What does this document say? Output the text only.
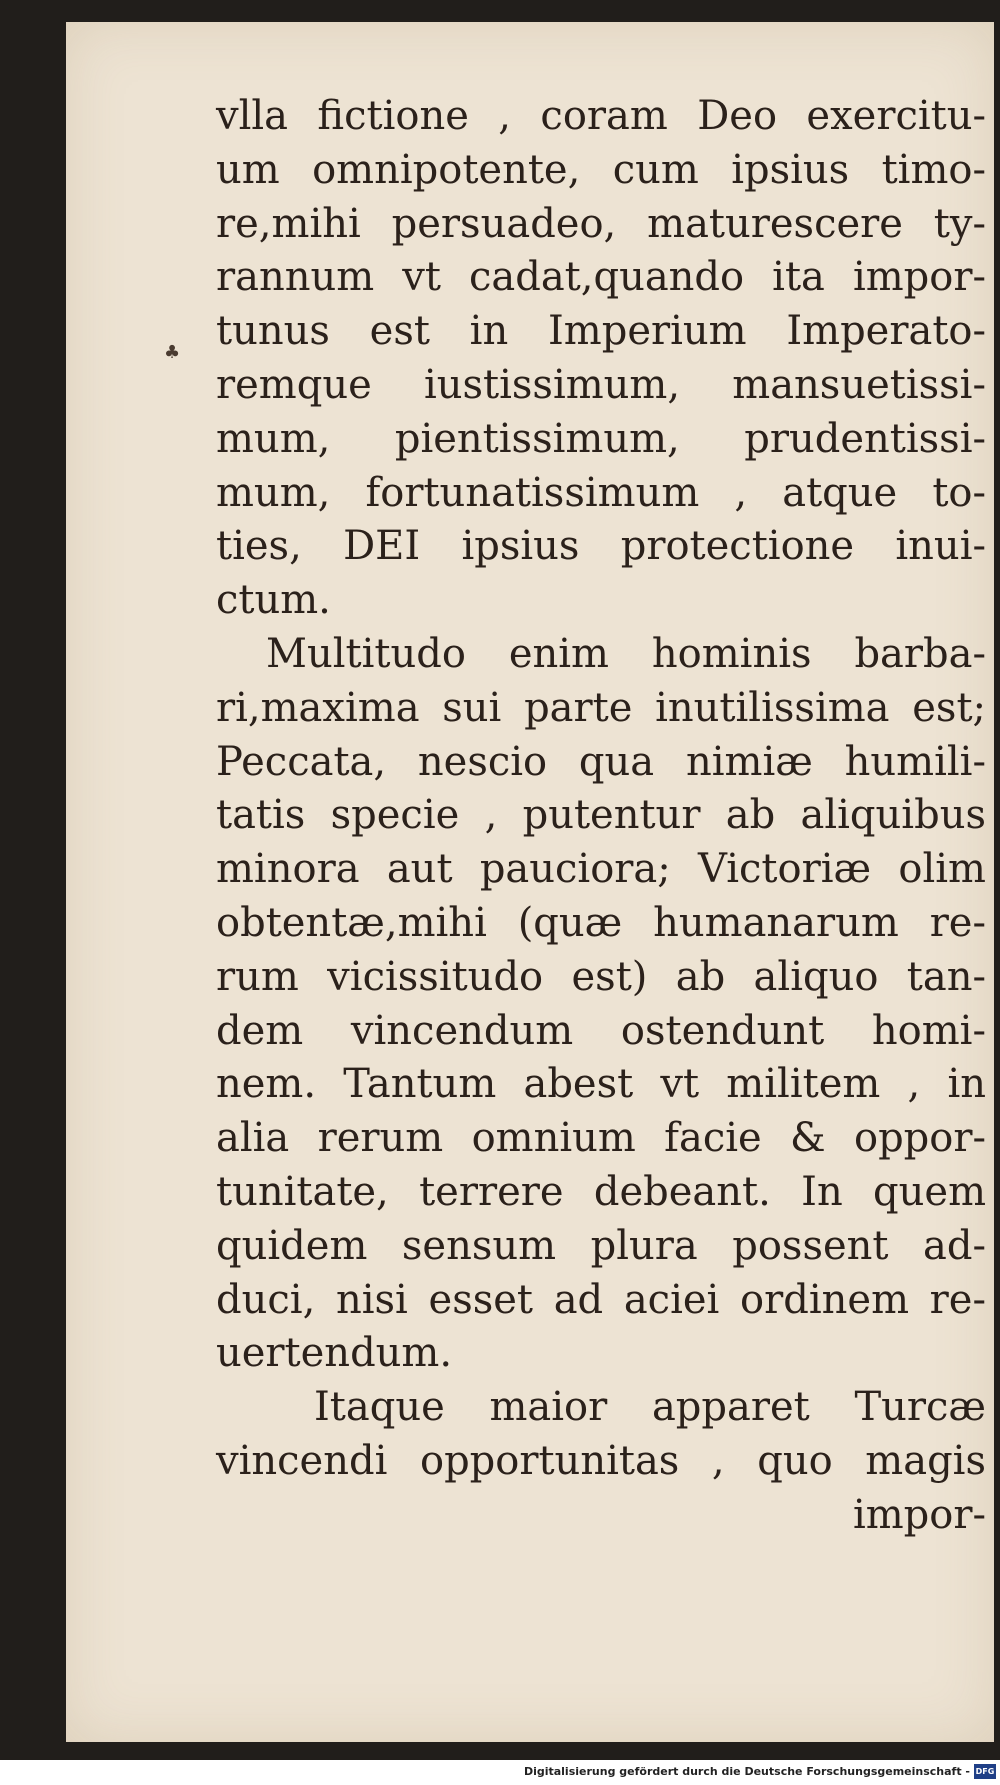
♣
vlla fictione , coram Deo exercitu-
um omnipotente, cum ipsius timo-
re,mihi persuadeo, maturescere ty-
rannum vt cadat,quando ita impor-
tunus est in Imperium Imperato-
remque iustissimum, mansuetissi-
mum, pientissimum, prudentissi-
mum, fortunatissimum , atque to-
ties, DEI ipsius protectione inui-
ctum.
Multitudo enim hominis barba-
ri,maxima sui parte inutilissima est;
Peccata, nescio qua nimiæ humili-
tatis specie , putentur ab aliquibus
minora aut pauciora; Victoriæ olim
obtentæ,mihi (quæ humanarum re-
rum vicissitudo est) ab aliquo tan-
dem vincendum ostendunt homi-
nem. Tantum abest vt militem , in
alia rerum omnium facie & oppor-
tunitate, terrere debeant. In quem
quidem sensum plura possent ad-
duci, nisi esset ad aciei ordinem re-
uertendum.
Itaque maior apparet Turcæ
vincendi opportunitas , quo magis
impor-
Digitalisierung gefördert durch die Deutsche Forschungsgemeinschaft - DFG
